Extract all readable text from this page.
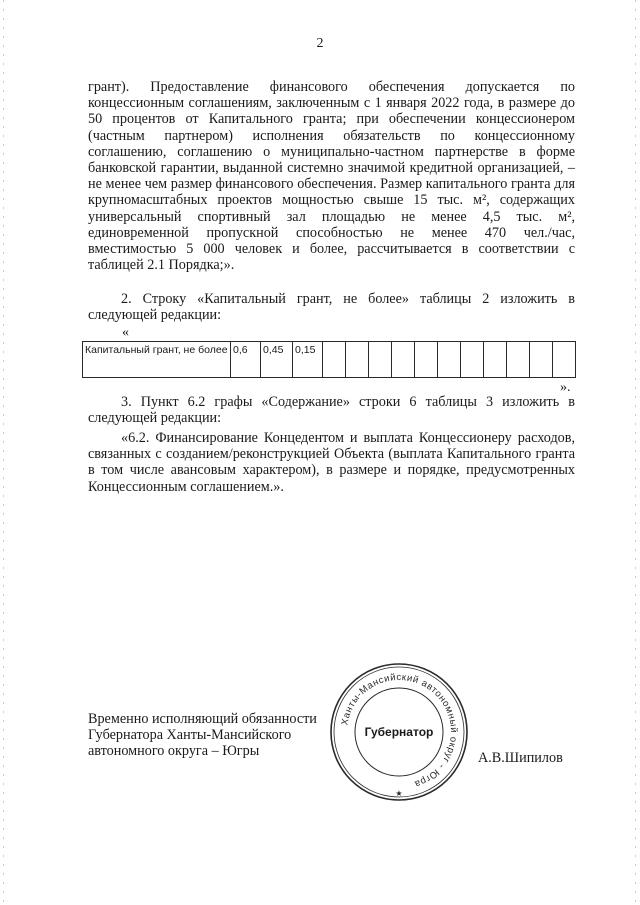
2

грант). Предоставление финансового обеспечения допускается по концессионным соглашениям, заключенным с 1 января 2022 года, в размере до 50 процентов от Капитального гранта; при обеспечении концессионером (частным партнером) исполнения обязательств по концессионному соглашению, соглашению о муниципально-частном партнерстве в форме банковской гарантии, выданной системно значимой кредитной организацией, – не менее чем размер финансового обеспечения. Размер капитального гранта для крупномасштабных проектов мощностью свыше 15 тыс. м², содержащих универсальный спортивный зал площадью не менее 4,5 тыс. м², единовременной пропускной способностью не менее 470 чел./час, вместимостью 5 000 человек и более, рассчитывается в соответствии с таблицей 2.1 Порядка;».

2. Строку «Капитальный грант, не более» таблицы 2 изложить в следующей редакции:

«
Капитальный грант, не более	0,6	0,45	0,15											
».

3. Пункт 6.2 графы «Содержание» строки 6 таблицы 3 изложить в следующей редакции:

«6.2. Финансирование Концедентом и выплата Концессионеру расходов, связанных с созданием/реконструкцией Объекта (выплата Капитального гранта в том числе авансовым характером), в размере и порядке, предусмотренных Концессионным соглашением.».

Временно исполняющий обязанности
Губернатора Ханты-Мансийского
автономного округа – Югры	А.В.Шипилов
Ханты-Мансийский автономный округ - Югра
Губернатор
★
